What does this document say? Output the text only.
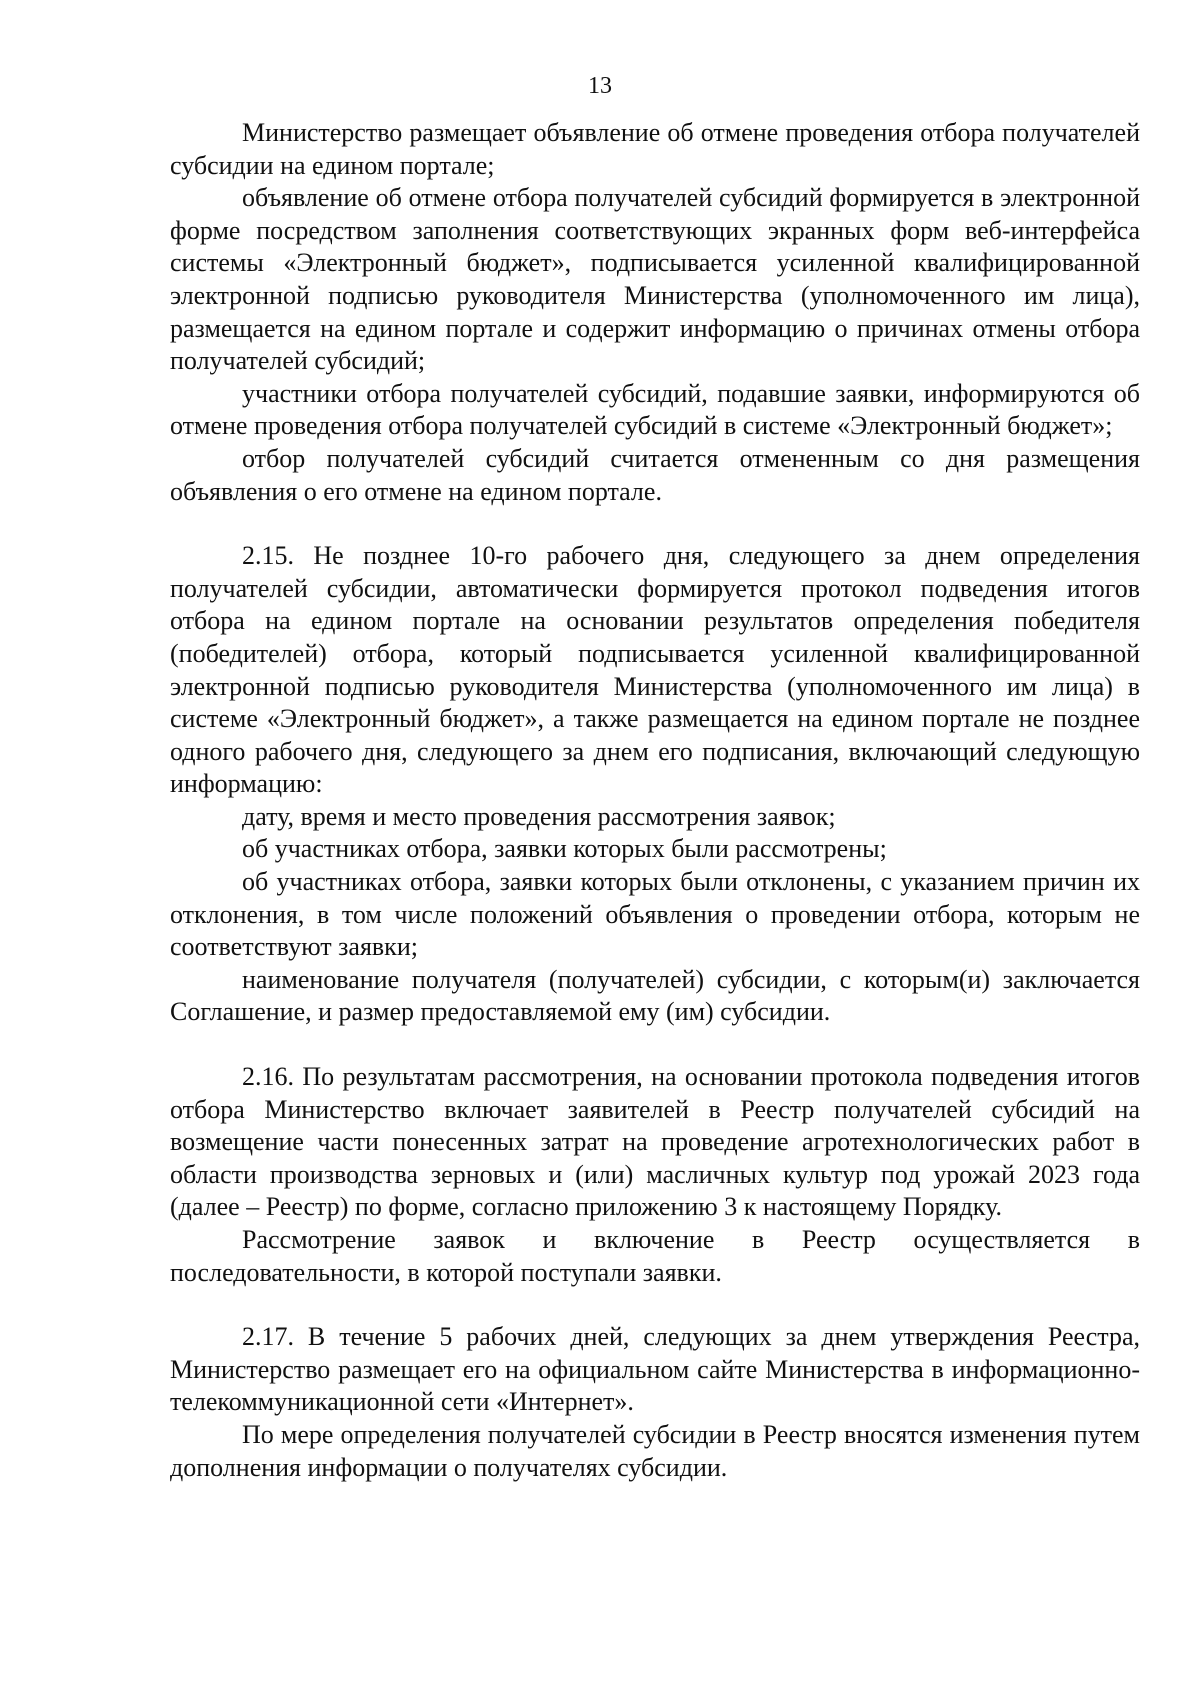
13

Министерство размещает объявление об отмене проведения отбора получателей субсидии на едином портале;

объявление об отмене отбора получателей субсидий формируется в электронной форме посредством заполнения соответствующих экранных форм веб-интерфейса системы «Электронный бюджет», подписывается усиленной квалифицированной электронной подписью руководителя Министерства (уполномоченного им лица), размещается на едином портале и содержит информацию о причинах отмены отбора получателей субсидий;

участники отбора получателей субсидий, подавшие заявки, информируются об отмене проведения отбора получателей субсидий в системе «Электронный бюджет»;

отбор получателей субсидий считается отмененным со дня размещения объявления о его отмене на едином портале.

2.15. Не позднее 10-го рабочего дня, следующего за днем определения получателей субсидии, автоматически формируется протокол подведения итогов отбора на едином портале на основании результатов определения победителя (победителей) отбора, который подписывается усиленной квалифицированной электронной подписью руководителя Министерства (уполномоченного им лица) в системе «Электронный бюджет», а также размещается на едином портале не позднее одного рабочего дня, следующего за днем его подписания, включающий следующую информацию:

дату, время и место проведения рассмотрения заявок;

об участниках отбора, заявки которых были рассмотрены;

об участниках отбора, заявки которых были отклонены, с указанием причин их отклонения, в том числе положений объявления о проведении отбора, которым не соответствуют заявки;

наименование получателя (получателей) субсидии, с которым(и) заключается Соглашение, и размер предоставляемой ему (им) субсидии.

2.16. По результатам рассмотрения, на основании протокола подведения итогов отбора Министерство включает заявителей в Реестр получателей субсидий на возмещение части понесенных затрат на проведение агротехнологических работ в области производства зерновых и (или) масличных культур под урожай 2023 года (далее – Реестр) по форме, согласно приложению 3 к настоящему Порядку.

Рассмотрение заявок и включение в Реестр осуществляется в последовательности, в которой поступали заявки.

2.17. В течение 5 рабочих дней, следующих за днем утверждения Реестра, Министерство размещает его на официальном сайте Министерства в информационно-телекоммуникационной сети «Интернет».

По мере определения получателей субсидии в Реестр вносятся изменения путем дополнения информации о получателях субсидии.
